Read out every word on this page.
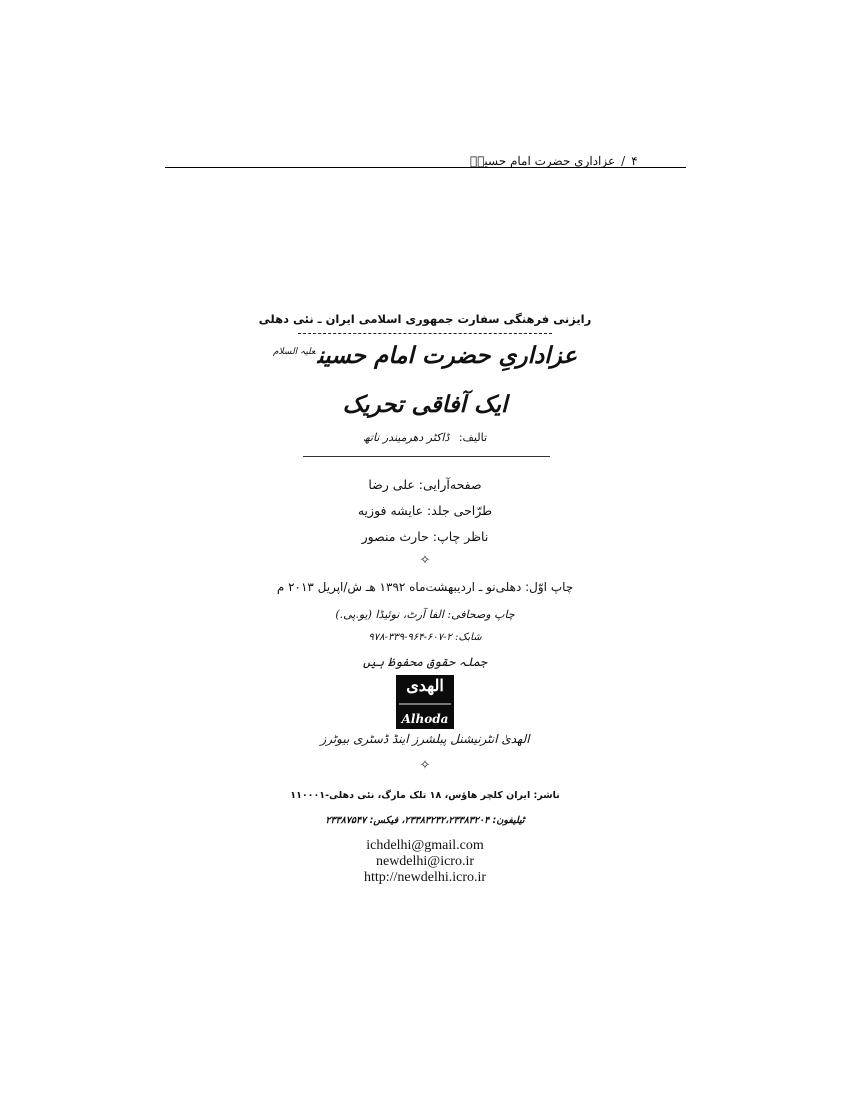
۴
/
عزاداری حضرت امام حسینؑ
رایزنی فرهنگی سفارت جمهوری اسلامی ایران ـ نئی دهلی
عزاداریِ حضرت امام حسین$^{علیہ السلام}$
ایک آفاقی تحریک
تالیف: ڈاکٹر دھرمیندر ناتھ
صفحه‌آرایی: علی رضا
طرّاحی جلد: عایشه فوزیه
ناظر چاپ: حارث منصور
✧
چاپ اوّل: دهلی‌نو ـ اردیبهشت‌ماه ۱۳۹۲ هـ ش/اپریل ۲۰۱۳ م
چاپ وصحافی: الفا آرٹ، نوئیڈا (یو.پی.)
شابک: ۲-۶۰۷-۹۶۴-۳۳۹-۹۷۸
جملہ حقوق محفوظ ہیں
الهدی
Alhoda
الهدیٰ انٹرنیشنل پبلشرز اینڈ ڈسٹری بیوٹرز
✧
ناشر: ایران کلچر هاؤس، ۱۸ تلک مارگ، نئی دهلی-۱۱۰۰۰۱
ٹیلیفون: ۲۳۳۸۳۲۳۲،۲۳۳۸۳۲۰۴، فیکس: ۲۳۳۸۷۵۴۷
ichdelhi@gmail.com
newdelhi@icro.ir
http://newdelhi.icro.ir
